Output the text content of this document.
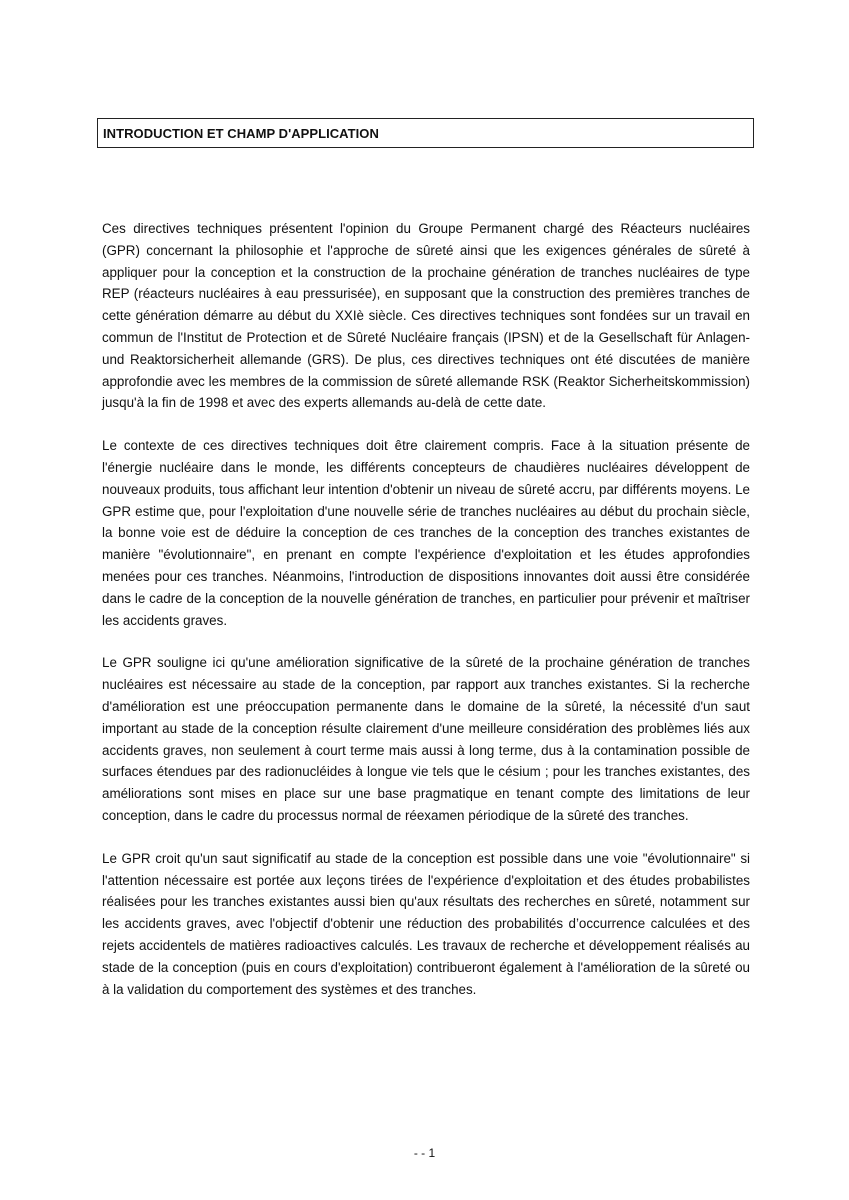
INTRODUCTION ET CHAMP D'APPLICATION

Ces directives techniques présentent l'opinion du Groupe Permanent chargé des Réacteurs nucléaires (GPR) concernant la philosophie et l'approche de sûreté ainsi que les exigences générales de sûreté à appliquer pour la conception et la construction de la prochaine génération de tranches nucléaires de type REP (réacteurs nucléaires à eau pressurisée), en supposant que la construction des premières tranches de cette génération démarre au début du XXIè siècle. Ces directives techniques sont fondées sur un travail en commun de l'Institut de Protection et de Sûreté Nucléaire français (IPSN) et de la Gesellschaft für Anlagen- und Reaktorsicherheit allemande (GRS). De plus, ces directives techniques ont été discutées de manière approfondie avec les membres de la commission de sûreté allemande RSK (Reaktor Sicherheitskommission) jusqu'à la fin de 1998 et avec des experts allemands au-delà de cette date.

Le contexte de ces directives techniques doit être clairement compris. Face à la situation présente de l'énergie nucléaire dans le monde, les différents concepteurs de chaudières nucléaires développent de nouveaux produits, tous affichant leur intention d'obtenir un niveau de sûreté accru, par différents moyens. Le GPR estime que, pour l'exploitation d'une nouvelle série de tranches nucléaires au début du prochain siècle, la bonne voie est de déduire la conception de ces tranches de la conception des tranches existantes de manière "évolutionnaire", en prenant en compte l'expérience d'exploitation et les études approfondies menées pour ces tranches. Néanmoins, l'introduction de dispositions innovantes doit aussi être considérée dans le cadre de la conception de la nouvelle génération de tranches, en particulier pour prévenir et maîtriser les accidents graves.

Le GPR souligne ici qu'une amélioration significative de la sûreté de la prochaine génération de tranches nucléaires est nécessaire au stade de la conception, par rapport aux tranches existantes. Si la recherche d'amélioration est une préoccupation permanente dans le domaine de la sûreté, la nécessité d'un saut important au stade de la conception résulte clairement d'une meilleure considération des problèmes liés aux accidents graves, non seulement à court terme mais aussi à long terme, dus à la contamination possible de surfaces étendues par des radionucléides à longue vie tels que le césium ; pour les tranches existantes, des améliorations sont mises en place sur une base pragmatique en tenant compte des limitations de leur conception, dans le cadre du processus normal de réexamen périodique de la sûreté des tranches.

Le GPR croit qu'un saut significatif au stade de la conception est possible dans une voie "évolutionnaire" si l'attention nécessaire est portée aux leçons tirées de l'expérience d'exploitation et des études probabilistes réalisées pour les tranches existantes aussi bien qu'aux résultats des recherches en sûreté, notamment sur les accidents graves, avec l'objectif d'obtenir une réduction des probabilités d’occurrence calculées et des rejets accidentels de matières radioactives calculés. Les travaux de recherche et développement réalisés au stade de la conception (puis en cours d'exploitation) contribueront également à l'amélioration de la sûreté ou à la validation du comportement des systèmes et des tranches.

- - 1
